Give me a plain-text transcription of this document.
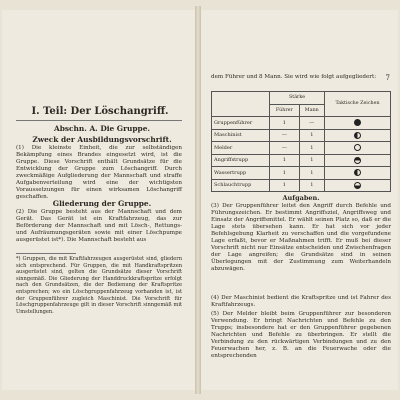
I. Teil: Der Löschangriff.
Abschn. A. Die Gruppe.
Zweck der Ausbildungsvorschrift.
(1) Die kleinste Einheit, die zur selbständigen Bekämpfung eines Brandes eingesetzt wird, ist die Gruppe. Diese Vorschrift enthält Grundsätze für die Entwicklung der Gruppe zum Löschangriff. Durch zweckmäßige Aufgliederung der Mannschaft und straffe Aufgabenverteilung wird eine der wichtigsten Voraussetzungen für einen wirksamen Löschangriff geschaffen.
Gliederung der Gruppe.
(2) Die Gruppe besteht aus der Mannschaft und dem Gerät. Das Gerät ist ein Kraftfahrzeug, das zur Beförderung der Mannschaft und mit Lösch-, Rettungs- und Aufräumungsgeräten sowie mit einer Löschpumpe ausgerüstet ist*). Die Mannschaft besteht aus
*) Gruppen, die mit Kraftfahrzeugen ausgerüstet sind, gliedern sich entsprechend. Für Gruppen, die mit Handkraftspritzen ausgerüstet sind, gelten die Grundsätze dieser Vorschrift sinngemäß. Die Gliederung der Handdruckkraftspritze erfolgt nach den Grundsätzen, die der Bedienung der Kraftspritze entsprechen; wo ein Löschgruppenfahrzeug vorhanden ist, ist der Gruppenführer zugleich Maschinist. Die Vorschrift für Löschgruppenfahrzeuge gilt in dieser Vorschrift sinngemäß mit Umstellungen.
7
dem Führer und 8 Mann. Sie wird wie folgt aufgegliedert:
	Stärke		Taktische Zeichen
	Führer	Mann	
Gruppenführer	1	—	
Maschinist	—	1	
Melder	—	1	
Angriffstrupp	1	1	
Wassertrupp	1	1	
Schlauchtrupp	1	1	
Aufgaben.
(3) Der Gruppenführer leitet den Angriff durch Befehle und Führungszeichen. Er bestimmt Angriffsziel, Angriffsweg und Einsatz der Angriffsmittel. Er wählt seinen Platz so, daß er die Lage stets übersehen kann. Er hat sich vor jeder Befehlsgebung Klarheit zu verschaffen und die vorgefundene Lage erfaßt, bevor er Maßnahmen trifft. Er muß bei dieser Vorschrift nicht nur Einsätze entscheiden und Zwischenfragen der Lage angreifen; die Grundsätze sind in seinen Überlegungen mit der Zustimmung zum Weiterhandeln abzuwägen.
(4) Der Maschinist bedient die Kraftspritze und ist Fahrer des Kraftfahrzeugs.
(5) Der Melder bleibt beim Gruppenführer zur besonderen Verwendung. Er bringt Nachrichten und Befehle zu den Trupps; insbesondere hat er den Gruppenführer gegebenen Nachrichten und Befehle zu überbringen. Er stellt die Verbindung zu den rückwärtigen Verbindungen und zu den Feuerwachen her, z. B. an die Feuerwache oder die entsprechenden
